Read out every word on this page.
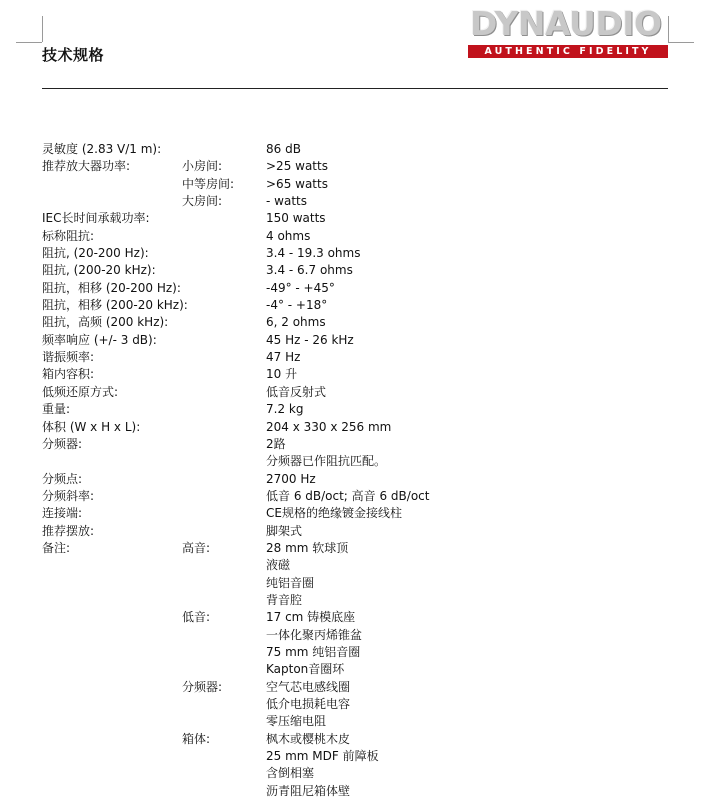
技术规格
DYNAUDIO
AUTHENTIC FIDELITY
灵敏度 (2.83 V/1 m):	86 dB
推荐放大器功率:	小房间:	>25 watts
中等房间:	>65 watts
大房间:	- watts
IEC长时间承载功率:	150 watts
标称阻抗:	4 ohms
阻抗, (20-200 Hz):	3.4 - 19.3 ohms
阻抗, (200-20 kHz):	3.4 - 6.7 ohms
阻抗，相移 (20-200 Hz):	-49° - +45°
阻抗，相移 (200-20 kHz):	-4° - +18°
阻抗，高频 (200 kHz):	6, 2 ohms
频率响应 (+/- 3 dB):	45 Hz - 26 kHz
谐振频率:	47 Hz
箱内容积:	10 升
低频还原方式:	低音反射式
重量:	7.2 kg
体积 (W x H x L):	204 x 330 x 256 mm
分频器:	2路
分频器已作阻抗匹配。
分频点:	2700 Hz
分频斜率:	低音 6 dB/oct; 高音 6 dB/oct
连接端:	CE规格的绝缘镀金接线柱
推荐摆放:	脚架式
备注:	高音:	28 mm 软球顶
液磁
纯铝音圈
背音腔
低音:	17 cm 铸模底座
一体化聚丙烯锥盆
75 mm 纯铝音圈
Kapton音圈环
分频器:	空气芯电感线圈
低介电损耗电容
零压缩电阻
箱体:	枫木或樱桃木皮
25 mm MDF 前障板
含倒相塞
沥青阻尼箱体壁
